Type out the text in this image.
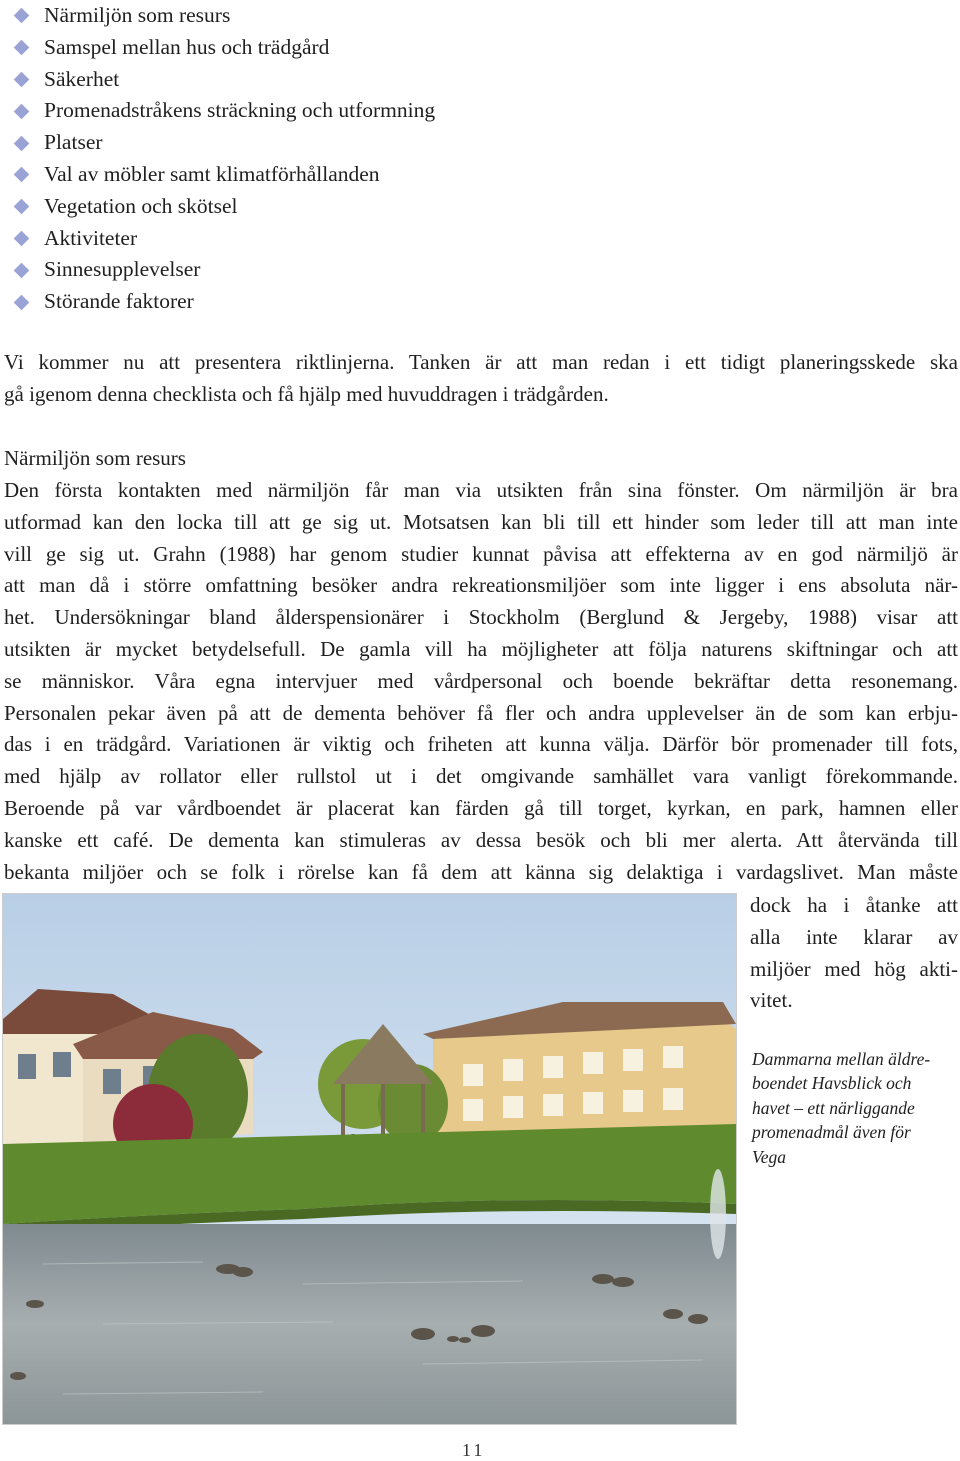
Närmiljön som resurs
Samspel mellan hus och trädgård
Säkerhet
Promenadstråkens sträckning och utformning
Platser
Val av möbler samt klimatförhållanden
Vegetation och skötsel
Aktiviteter
Sinnesupplevelser
Störande faktorer

Vi kommer nu att presentera riktlinjerna. Tanken är att man redan i ett tidigt planeringsskede ska
gå igenom denna checklista och få hjälp med huvuddragen i trädgården.

Närmiljön som resurs
Den första kontakten med närmiljön får man via utsikten från sina fönster. Om närmiljön är bra
utformad kan den locka till att ge sig ut. Motsatsen kan bli till ett hinder som leder till att man inte
vill ge sig ut. Grahn (1988) har genom studier kunnat påvisa att effekterna av en god närmiljö är
att man då i större omfattning besöker andra rekreationsmiljöer som inte ligger i ens absoluta när-
het. Undersökningar bland ålderspensionärer i Stockholm (Berglund & Jergeby, 1988) visar att
utsikten är mycket betydelsefull. De gamla vill ha möjligheter att följa naturens skiftningar och att
se människor. Våra egna intervjuer med vårdpersonal och boende bekräftar detta resonemang.
Personalen pekar även på att de dementa behöver få fler och andra upplevelser än de som kan erbju-
das i en trädgård. Variationen är viktig och friheten att kunna välja. Därför bör promenader till fots,
med hjälp av rollator eller rullstol ut i det omgivande samhället vara vanligt förekommande.
Beroende på var vårdboendet är placerat kan färden gå till torget, kyrkan, en park, hamnen eller
kanske ett café. De dementa kan stimuleras av dessa besök och bli mer alerta. Att återvända till
bekanta miljöer och se folk i rörelse kan få dem att känna sig delaktiga i vardagslivet. Man måste

dock ha i åtanke att
alla inte klarar av
miljöer med hög akti-
vitet.

Dammarna mellan äldre-
boendet Havsblick och
havet – ett närliggande
promenadmål även för
Vega

11
